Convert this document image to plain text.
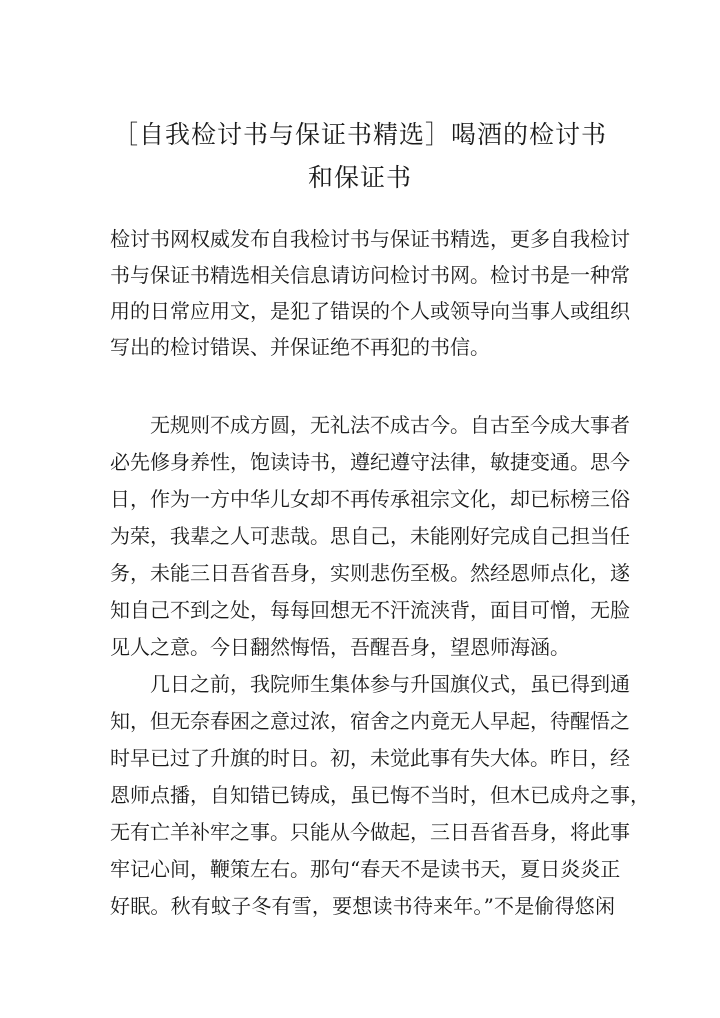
［自我检讨书与保证书精选］喝酒的检讨书
和保证书
检讨书网权威发布自我检讨书与保证书精选，更多自我检讨
书与保证书精选相关信息请访问检讨书网。检讨书是一种常
用的日常应用文，是犯了错误的个人或领导向当事人或组织
写出的检讨错误、并保证绝不再犯的书信。
　　无规则不成方圆，无礼法不成古今。自古至今成大事者
必先修身养性，饱读诗书，遵纪遵守法律，敏捷变通。思今
日，作为一方中华儿女却不再传承祖宗文化，却已标榜三俗
为荣，我辈之人可悲哉。思自己，未能刚好完成自己担当任
务，未能三日吾省吾身，实则悲伤至极。然经恩师点化，遂
知自己不到之处，每每回想无不汗流浃背，面目可憎，无脸
见人之意。今日翻然悔悟，吾醒吾身，望恩师海涵。
　　几日之前，我院师生集体参与升国旗仪式，虽已得到通
知，但无奈春困之意过浓，宿舍之内竟无人早起，待醒悟之
时早已过了升旗的时日。初，未觉此事有失大体。昨日，经
恩师点播，自知错已铸成，虽已悔不当时，但木已成舟之事，
无有亡羊补牢之事。只能从今做起，三日吾省吾身，将此事
牢记心间，鞭策左右。那句“春天不是读书天，夏日炎炎正
好眠。秋有蚊子冬有雪，要想读书待来年。”不是偷得悠闲
